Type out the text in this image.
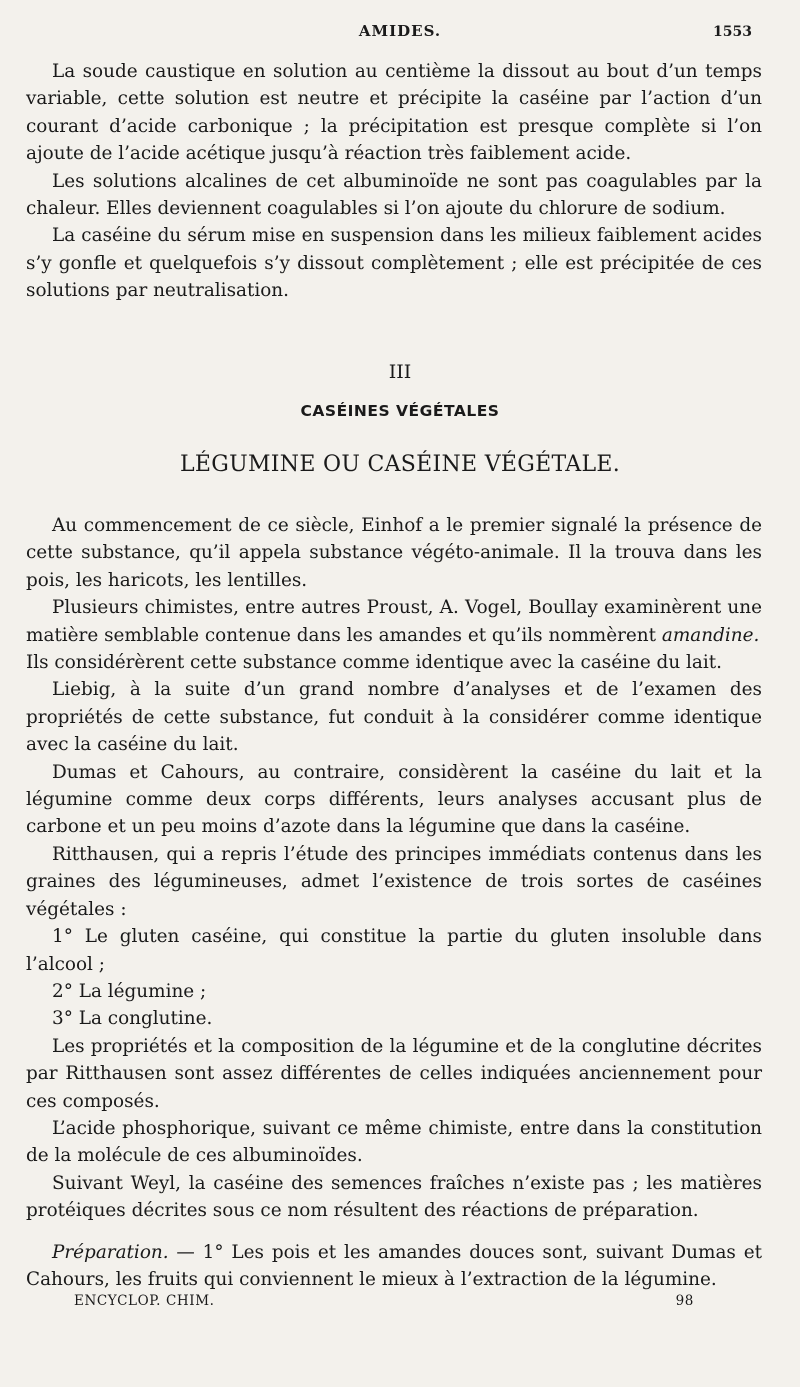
AMIDES.	1553

La soude caustique en solution au centième la dissout au bout d’un temps variable, cette solution est neutre et précipite la caséine par l’action d’un courant d’acide carbonique ; la précipitation est presque complète si l’on ajoute de l’acide acétique jusqu’à réaction très faiblement acide.

Les solutions alcalines de cet albuminoïde ne sont pas coagulables par la chaleur. Elles deviennent coagulables si l’on ajoute du chlorure de sodium.

La caséine du sérum mise en suspension dans les milieux faiblement acides s’y gonfle et quelquefois s’y dissout complètement ; elle est précipitée de ces solutions par neutralisation.

III
CASÉINES VÉGÉTALES
LÉGUMINE OU CASÉINE VÉGÉTALE.

Au commencement de ce siècle, Einhof a le premier signalé la présence de cette substance, qu’il appela substance végéto-animale. Il la trouva dans les pois, les haricots, les lentilles.

Plusieurs chimistes, entre autres Proust, A. Vogel, Boullay examinèrent une matière semblable contenue dans les amandes et qu’ils nommèrent amandine.

Ils considérèrent cette substance comme identique avec la caséine du lait.

Liebig, à la suite d’un grand nombre d’analyses et de l’examen des propriétés de cette substance, fut conduit à la considérer comme identique avec la caséine du lait.

Dumas et Cahours, au contraire, considèrent la caséine du lait et la légumine comme deux corps différents, leurs analyses accusant plus de carbone et un peu moins d’azote dans la légumine que dans la caséine.

Ritthausen, qui a repris l’étude des principes immédiats contenus dans les graines des légumineuses, admet l’existence de trois sortes de caséines végétales :

1° Le gluten caséine, qui constitue la partie du gluten insoluble dans l’alcool ;

2° La légumine ;

3° La conglutine.

Les propriétés et la composition de la légumine et de la conglutine décrites par Ritthausen sont assez différentes de celles indiquées anciennement pour ces composés.

L’acide phosphorique, suivant ce même chimiste, entre dans la constitution de la molécule de ces albuminoïdes.

Suivant Weyl, la caséine des semences fraîches n’existe pas ; les matières protéiques décrites sous ce nom résultent des réactions de préparation.

Préparation. — 1° Les pois et les amandes douces sont, suivant Dumas et Cahours, les fruits qui conviennent le mieux à l’extraction de la légumine.

ENCYCLOP. CHIM.	98
